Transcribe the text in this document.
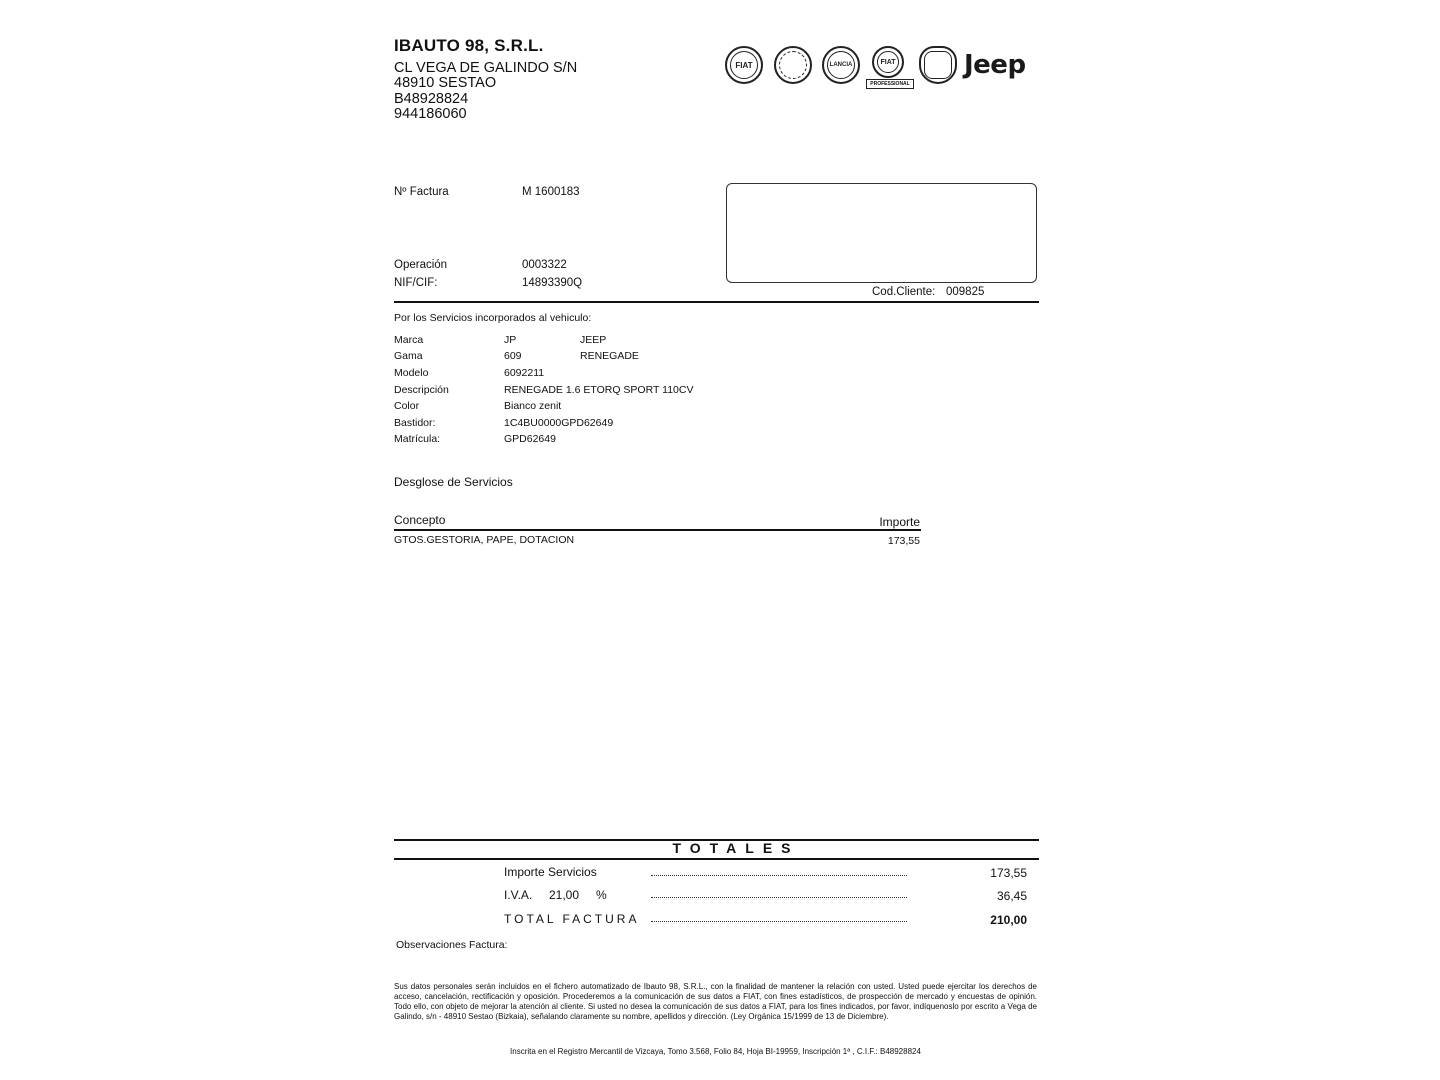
IBAUTO 98, S.R.L.
CL VEGA DE GALINDO S/N
48910 SESTAO
B48928824
944186060
FIAT	LANCIA	FIAT
PROFESSIONAL
Jeep
Nº Factura	M 1600183
Operación	0003322
NIF/CIF:	14893390Q
Cod.Cliente: 009825
Por los Servicios incorporados al vehiculo:
Marca	JP	JEEP
Gama	609	RENEGADE
Modelo	6092211
Descripción	RENEGADE 1.6 ETORQ SPORT 110CV
Color	Bianco zenit
Bastidor:	1C4BU0000GPD62649
Matrícula:	GPD62649
Desglose de Servicios
Concepto	Importe
GTOS.GESTORIA, PAPE, DOTACION	173,55
TOTALES
Importe Servicios	173,55
I.V.A. 21,00 %	36,45
TOTAL FACTURA	210,00
Observaciones Factura:
Sus datos personales serán incluidos en el fichero automatizado de Ibauto 98, S.R.L., con la finalidad de mantener la relación con usted. Usted puede ejercitar los derechos de acceso, cancelación, rectificación y oposición. Procederemos a la comunicación de sus datos a FIAT, con fines estadísticos, de prospección de mercado y encuestas de opinión. Todo ello, con objeto de mejorar la atención al cliente. Si usted no desea la comunicación de sus datos a FIAT, para los fines indicados, por favor, indíquenoslo por escrito a Vega de Galindo, s/n - 48910 Sestao (Bizkaia), señalando claramente su nombre, apellidos y dirección. (Ley Orgánica 15/1999 de 13 de Diciembre).
Inscrita en el Registro Mercantil de Vizcaya, Tomo 3.568, Folio 84, Hoja BI-19959, Inscripción 1ª , C.I.F.: B48928824
